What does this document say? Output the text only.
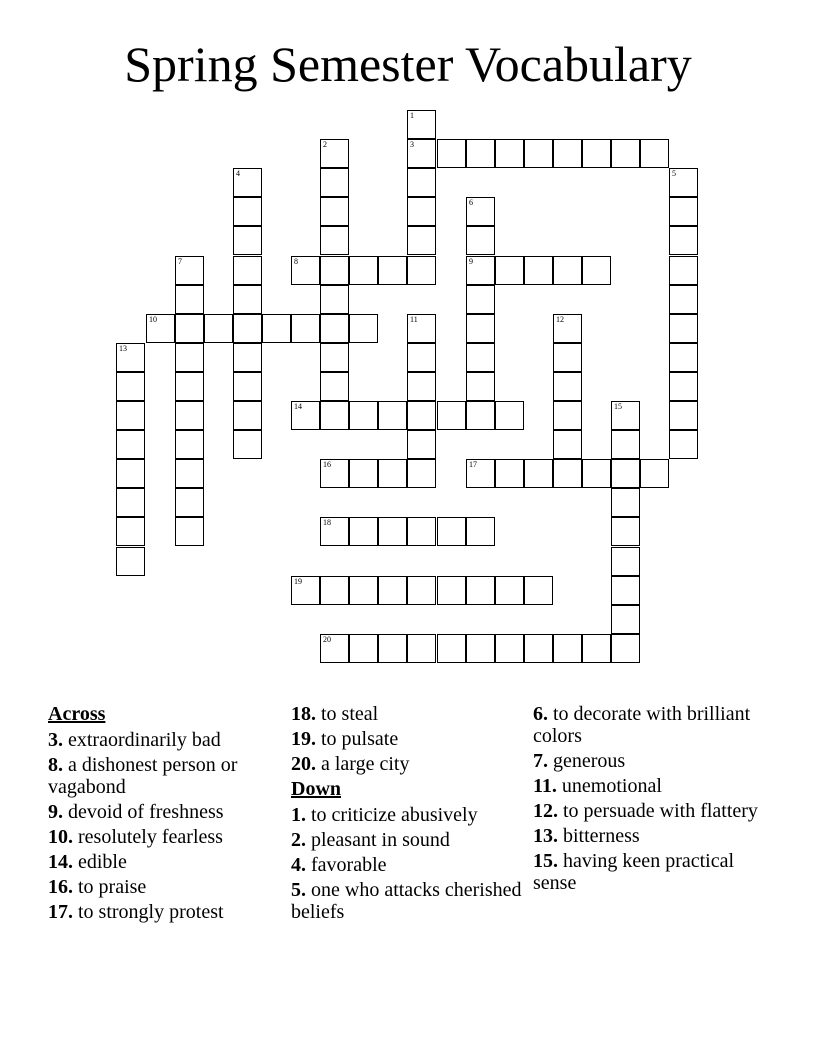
Spring Semester Vocabulary
1
3
2
4	5
6
9
7	8
10	11	12
13
14	15
16	17
18
19
20
Across
3. extraordinarily bad
8. a dishonest person or vagabond
9. devoid of freshness
10. resolutely fearless
14. edible
16. to praise
17. to strongly protest
18. to steal
19. to pulsate
20. a large city
Down
1. to criticize abusively
2. pleasant in sound
4. favorable
5. one who attacks cherished beliefs
6. to decorate with brilliant colors
7. generous
11. unemotional
12. to persuade with flattery
13. bitterness
15. having keen practical sense
